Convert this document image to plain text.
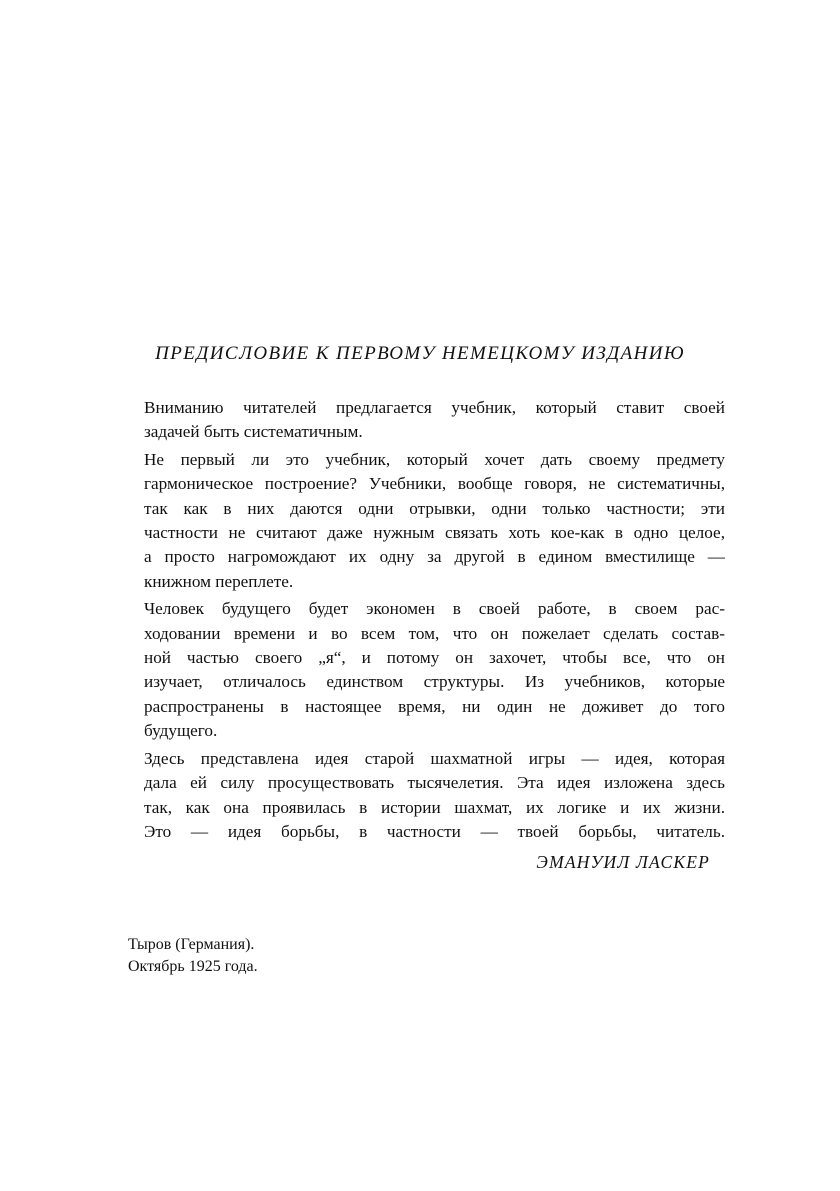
ПРЕДИСЛОВИЕ К ПЕРВОМУ НЕМЕЦКОМУ ИЗДАНИЮ

Вниманию читателей предлагается учебник, который ставит своей
задачей быть систематичным.

Не первый ли это учебник, который хочет дать своему предмету
гармоническое построение? Учебники, вообще говоря, не систематичны,
так как в них даются одни отрывки, одни только частности; эти
частности не считают даже нужным связать хоть кое-как в одно целое,
а просто нагромождают их одну за другой в едином вместилище —
книжном переплете.

Человек будущего будет экономен в своей работе, в своем рас-
ходовании времени и во всем том, что он пожелает сделать состав-
ной частью своего „я“, и потому он захочет, чтобы все, что он
изучает, отличалось единством структуры. Из учебников, которые
распространены в настоящее время, ни один не доживет до того
будущего.

Здесь представлена идея старой шахматной игры — идея, которая
дала ей силу просуществовать тысячелетия. Эта идея изложена здесь
так, как она проявилась в истории шахмат, их логике и их жизни.
Это — идея борьбы, в частности — твоей борьбы, читатель.

ЭМАНУИЛ ЛАСКЕР
Тыров (Германия).
Октябрь 1925 года.
